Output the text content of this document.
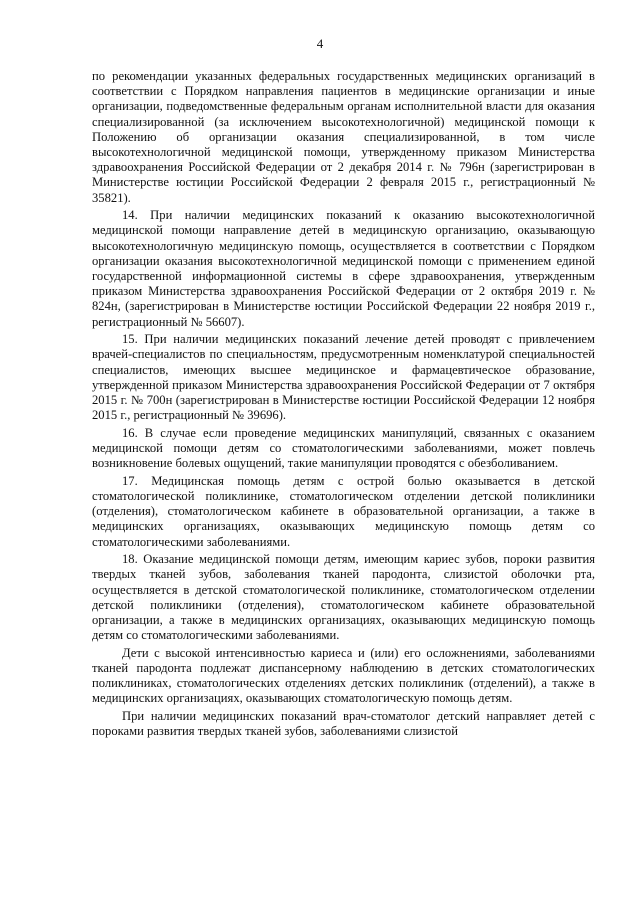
4

по рекомендации указанных федеральных государственных медицинских организаций в соответствии с Порядком направления пациентов в медицинские организации и иные организации, подведомственные федеральным органам исполнительной власти для оказания специализированной (за исключением высокотехнологичной) медицинской помощи к Положению об организации оказания специализированной, в том числе высокотехнологичной медицинской помощи, утвержденному приказом Министерства здравоохранения Российской Федерации от 2 декабря 2014 г. № 796н (зарегистрирован в Министерстве юстиции Российской Федерации 2 февраля 2015 г., регистрационный № 35821).

14. При наличии медицинских показаний к оказанию высокотехнологичной медицинской помощи направление детей в медицинскую организацию, оказывающую высокотехнологичную медицинскую помощь, осуществляется в соответствии с Порядком организации оказания высокотехнологичной медицинской помощи с применением единой государственной информационной системы в сфере здравоохранения, утвержденным приказом Министерства здравоохранения Российской Федерации от 2 октября 2019 г. № 824н, (зарегистрирован в Министерстве юстиции Российской Федерации 22 ноября 2019 г., регистрационный № 56607).

15. При наличии медицинских показаний лечение детей проводят с привлечением врачей-специалистов по специальностям, предусмотренным номенклатурой специальностей специалистов, имеющих высшее медицинское и фармацевтическое образование, утвержденной приказом Министерства здравоохранения Российской Федерации от 7 октября 2015 г. № 700н (зарегистрирован в Министерстве юстиции Российской Федерации 12 ноября 2015 г., регистрационный № 39696).

16. В случае если проведение медицинских манипуляций, связанных с оказанием медицинской помощи детям со стоматологическими заболеваниями, может повлечь возникновение болевых ощущений, такие манипуляции проводятся с обезболиванием.

17. Медицинская помощь детям с острой болью оказывается в детской стоматологической поликлинике, стоматологическом отделении детской поликлиники (отделения), стоматологическом кабинете в образовательной организации, а также в медицинских организациях, оказывающих медицинскую помощь детям со стоматологическими заболеваниями.

18. Оказание медицинской помощи детям, имеющим кариес зубов, пороки развития твердых тканей зубов, заболевания тканей пародонта, слизистой оболочки рта, осуществляется в детской стоматологической поликлинике, стоматологическом отделении детской поликлиники (отделения), стоматологическом кабинете образовательной организации, а также в медицинских организациях, оказывающих медицинскую помощь детям со стоматологическими заболеваниями.

Дети с высокой интенсивностью кариеса и (или) его осложнениями, заболеваниями тканей пародонта подлежат диспансерному наблюдению в детских стоматологических поликлиниках, стоматологических отделениях детских поликлиник (отделений), а также в медицинских организациях, оказывающих стоматологическую помощь детям.

При наличии медицинских показаний врач-стоматолог детский направляет детей с пороками развития твердых тканей зубов, заболеваниями слизистой
